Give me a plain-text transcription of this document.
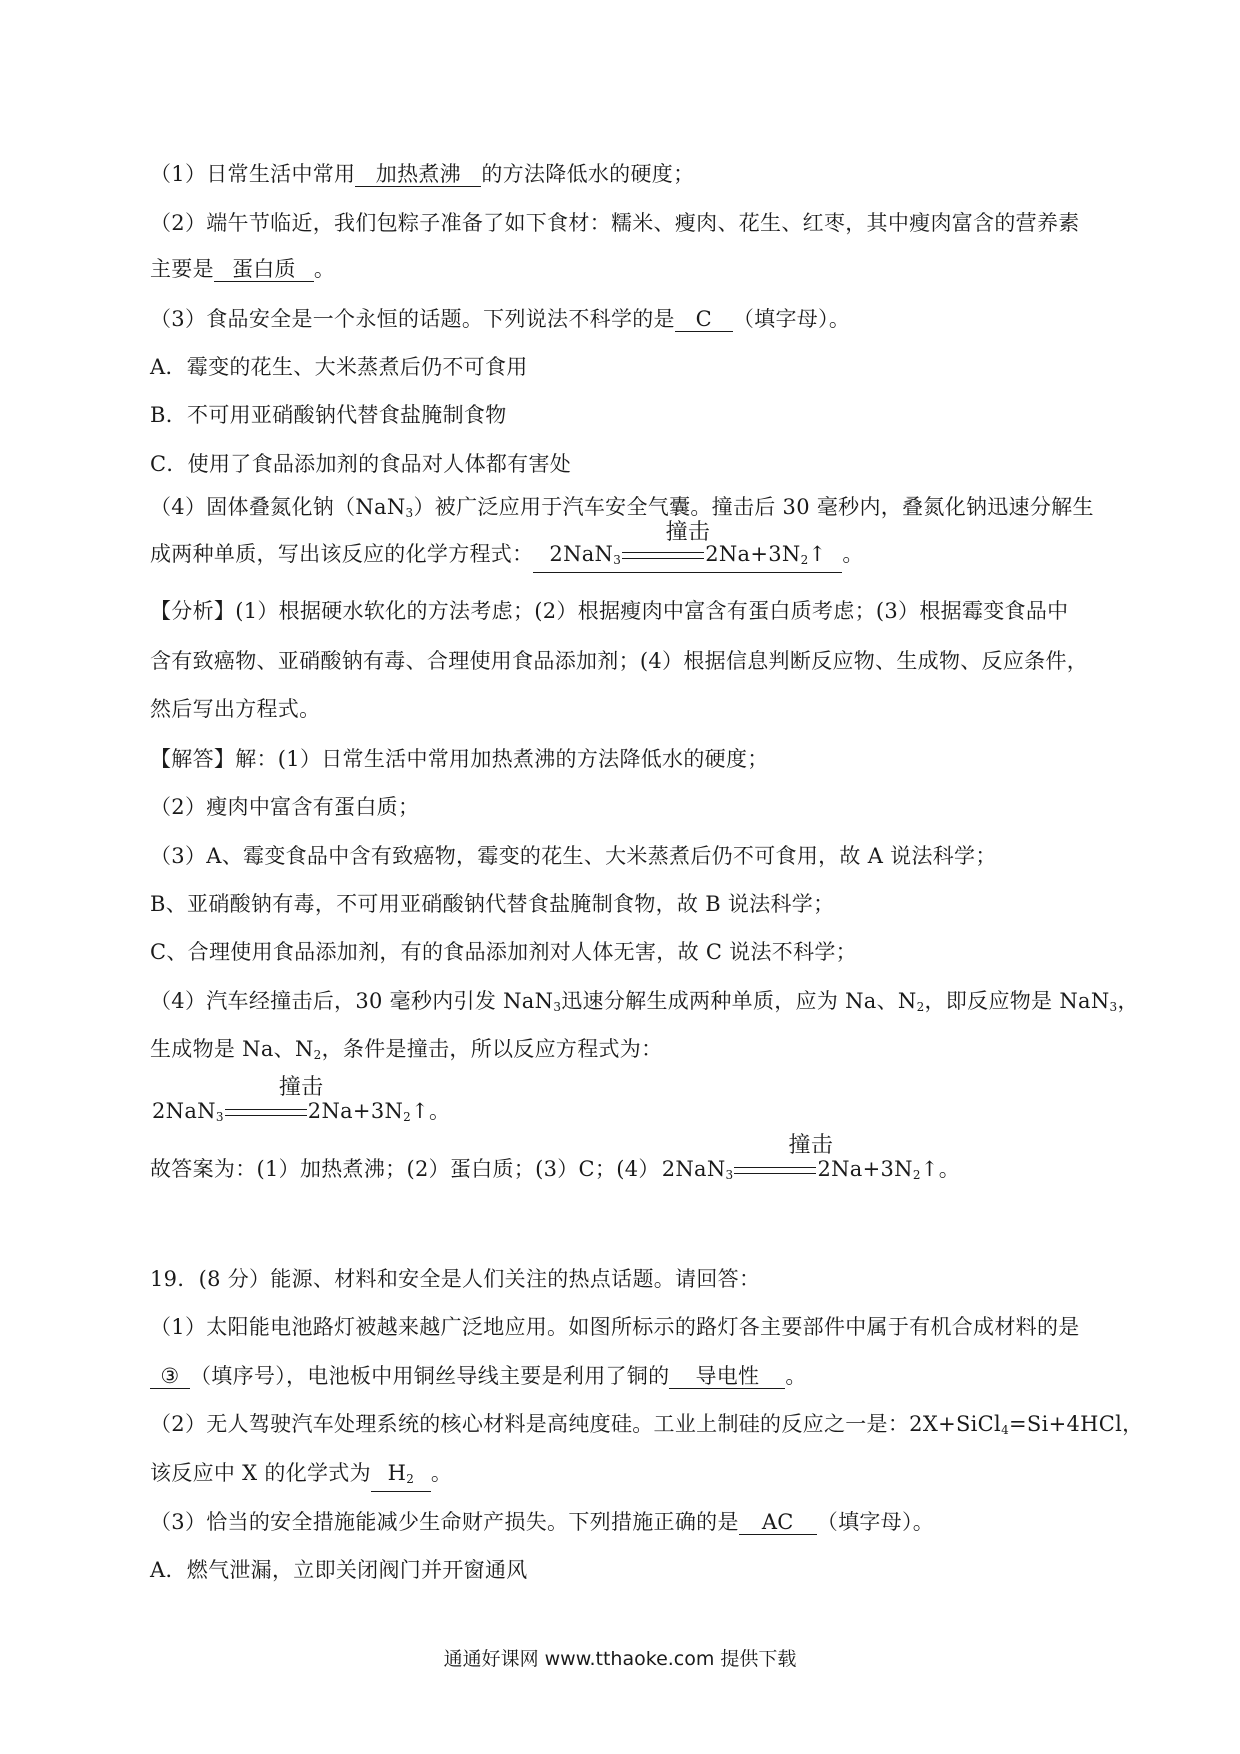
（1）日常生活中常用 加热煮沸 的方法降低水的硬度；
（2）端午节临近，我们包粽子准备了如下食材：糯米、瘦肉、花生、红枣，其中瘦肉富含的营养素
主要是 蛋白质 。
（3）食品安全是一个永恒的话题。下列说法不科学的是 C （填字母）。
A．霉变的花生、大米蒸煮后仍不可食用
B．不可用亚硝酸钠代替食盐腌制食物
C．使用了食品添加剂的食品对人体都有害处
（4）固体叠氮化钠（NaN$_3$）被广泛应用于汽车安全气囊。撞击后 30 毫秒内，叠氮化钠迅速分解生
成两种单质，写出该反应的化学方程式： 2NaN$_3$
撞击
$2Na+3N_2↑$ 。
【分析】(1）根据硬水软化的方法考虑；(2）根据瘦肉中富含有蛋白质考虑；(3）根据霉变食品中
含有致癌物、亚硝酸钠有毒、合理使用食品添加剂；(4）根据信息判断反应物、生成物、反应条件，
然后写出方程式。
【解答】解：(1）日常生活中常用加热煮沸的方法降低水的硬度；
（2）瘦肉中富含有蛋白质；
（3）A、霉变食品中含有致癌物，霉变的花生、大米蒸煮后仍不可食用，故 A 说法科学；
B、亚硝酸钠有毒，不可用亚硝酸钠代替食盐腌制食物，故 B 说法科学；
C、合理使用食品添加剂，有的食品添加剂对人体无害，故 C 说法不科学；
（4）汽车经撞击后，30 毫秒内引发 NaN$_3$迅速分解生成两种单质，应为 Na、$N_2$，即反应物是 NaN$_3$，
生成物是 Na、$N_2$，条件是撞击，所以反应方程式为：
2NaN$_3$
撞击
$2Na+3N_2↑$。
故答案为：(1）加热煮沸；(2）蛋白质；(3）C；(4）2NaN$_3$
撞击
$2Na+3N_2↑$。
19．(8 分）能源、材料和安全是人们关注的热点话题。请回答：
（1）太阳能电池路灯被越来越广泛地应用。如图所标示的路灯各主要部件中属于有机合成材料的是
③ （填序号），电池板中用铜丝导线主要是利用了铜的 导电性 。
（2）无人驾驶汽车处理系统的核心材料是高纯度硅。工业上制硅的反应之一是：2X+SiCl$_4$=Si+4HCl，
该反应中 X 的化学式为 $H_2$ 。
（3）恰当的安全措施能减少生命财产损失。下列措施正确的是 AC （填字母）。
A．燃气泄漏，立即关闭阀门并开窗通风
通通好课网 www.tthaoke.com 提供下载
